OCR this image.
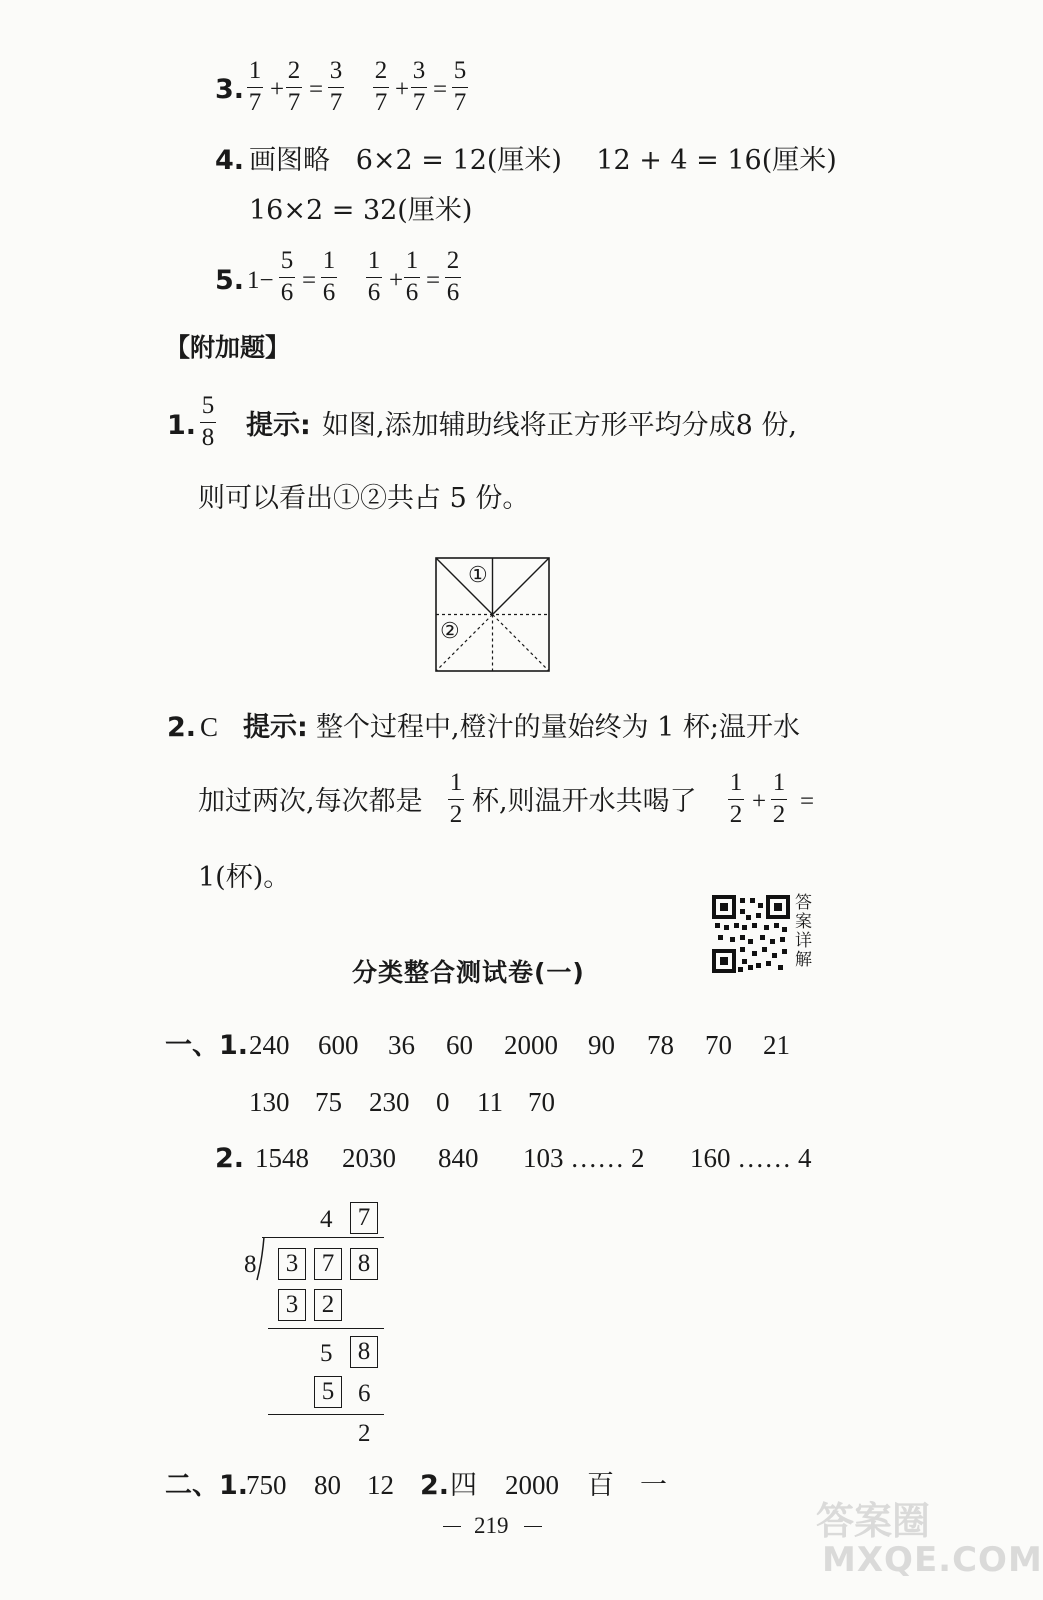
3.
1
7 +
2
7 =
3
7
2
7 +
3
7 =
5
7
4. 画图略   6×2 = 12(厘米)    12 + 4 = 16(厘米)
16×2 = 32(厘米)
5. 1−
5
6 =
1
6
1
6 +
1
6 =
2
6
【附加题】
1.
5
8 提示: 如图,添加辅助线将正方形平均分成8 份,
则可以看出①②共占 5 份。
①
②
2. C 提示: 整个过程中,橙汁的量始终为 1 杯;温开水
加过两次,每次都是
1
2 杯,则温开水共喝了
1
2 +
1
2 =
1(杯)。
答案详解
分类整合测试卷(一)
一、1. 240 600 36 60 2000 90 78 70 21
130 75 230 0 11 70
2. 1548 2030 840 103 …… 2 160 …… 4
4	7
8	3 7 8
3 2
5	8
5 6
2
二、1.
750 80 12 2. 四 2000 百 一
219	答案圈
MXQE.COM
